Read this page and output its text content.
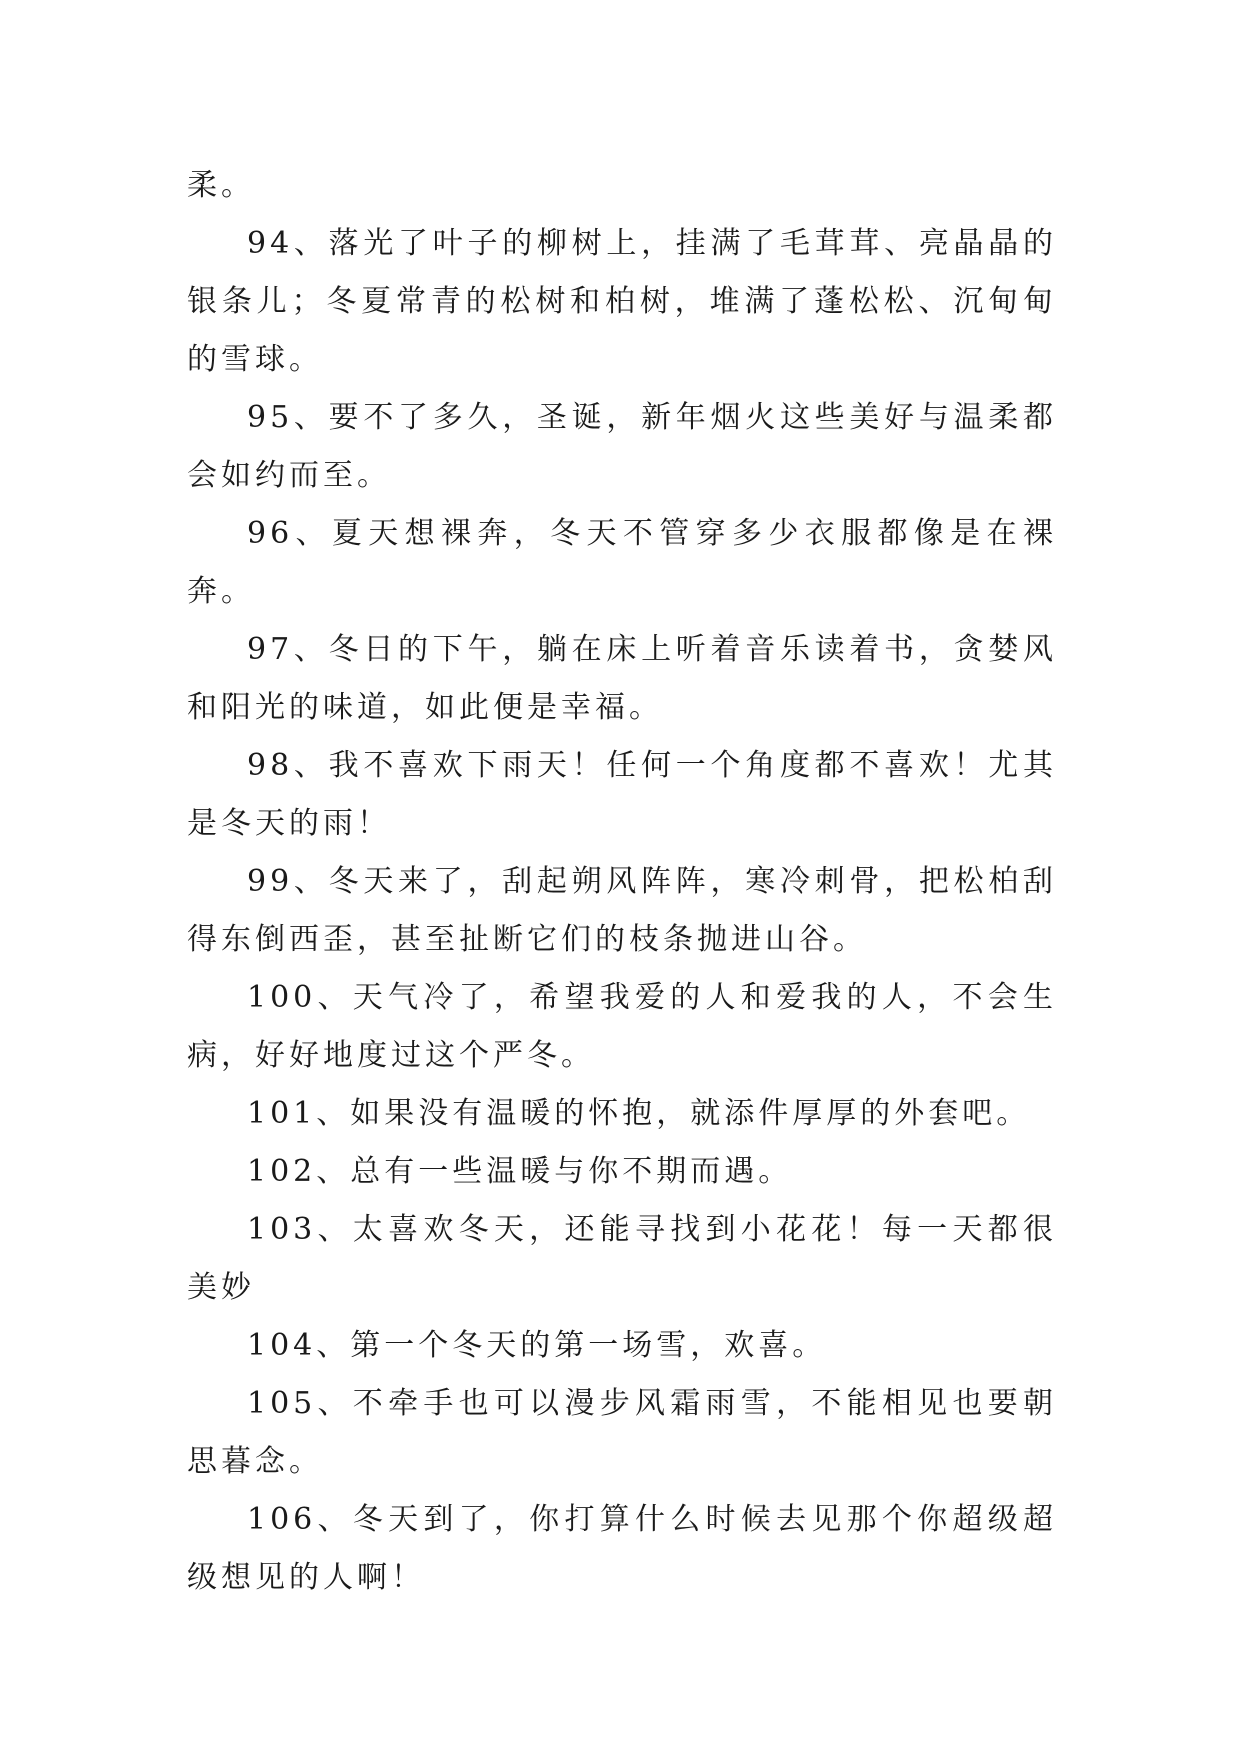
柔。

94、落光了叶子的柳树上，挂满了毛茸茸、亮晶晶的银条儿；冬夏常青的松树和柏树，堆满了蓬松松、沉甸甸的雪球。

95、要不了多久，圣诞，新年烟火这些美好与温柔都会如约而至。

96、夏天想裸奔，冬天不管穿多少衣服都像是在裸奔。

97、冬日的下午，躺在床上听着音乐读着书，贪婪风和阳光的味道，如此便是幸福。

98、我不喜欢下雨天！任何一个角度都不喜欢！尤其是冬天的雨！

99、冬天来了，刮起朔风阵阵，寒冷刺骨，把松柏刮得东倒西歪，甚至扯断它们的枝条抛进山谷。

100、天气冷了，希望我爱的人和爱我的人，不会生病，好好地度过这个严冬。

101、如果没有温暖的怀抱，就添件厚厚的外套吧。

102、总有一些温暖与你不期而遇。

103、太喜欢冬天，还能寻找到小花花！每一天都很美妙

104、第一个冬天的第一场雪，欢喜。

105、不牵手也可以漫步风霜雨雪，不能相见也要朝思暮念。

106、冬天到了，你打算什么时候去见那个你超级超级想见的人啊！
